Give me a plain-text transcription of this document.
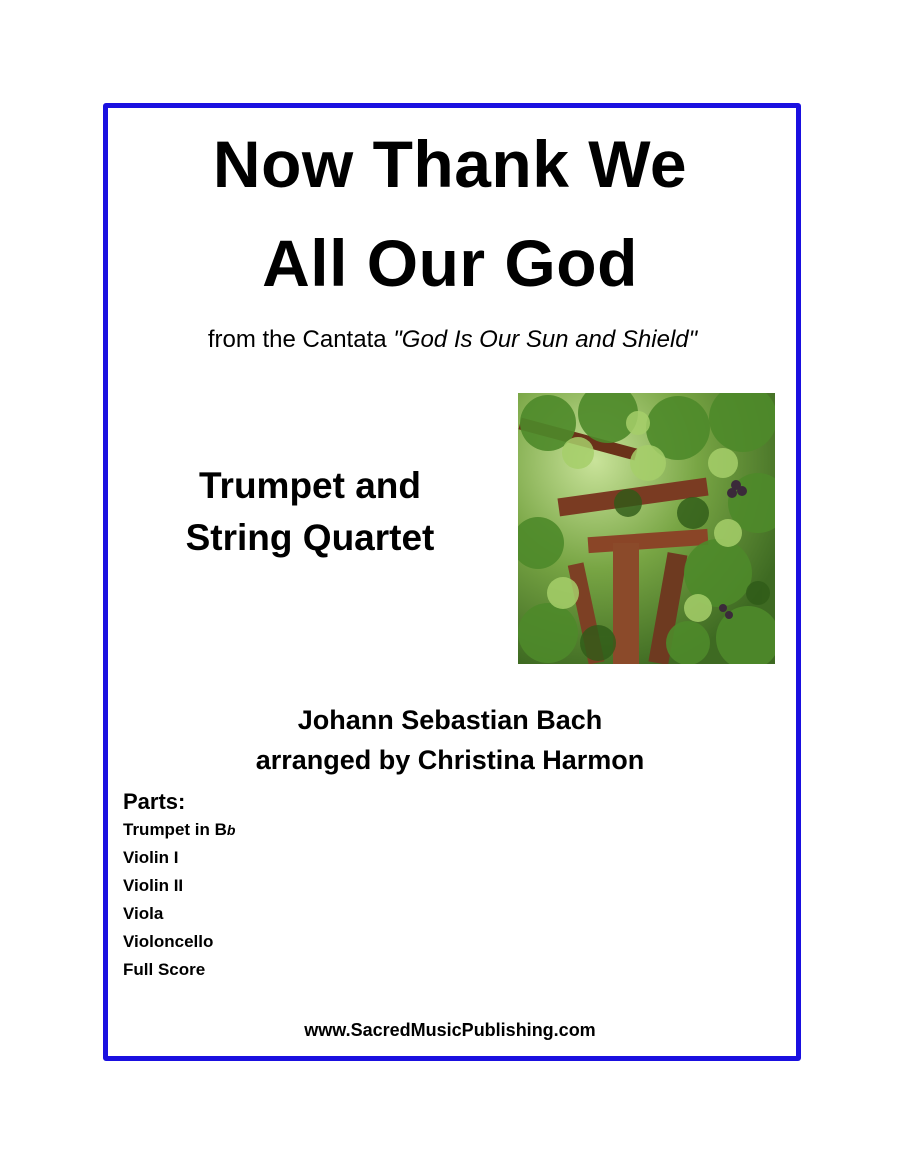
Now Thank We
All Our God
from the Cantata "God Is Our Sun and Shield"
Trumpet and
String Quartet
Johann Sebastian Bach
arranged by Christina Harmon
Parts:
Trumpet in Bb
Violin I
Violin II
Viola
Violoncello
Full Score
www.SacredMusicPublishing.com
